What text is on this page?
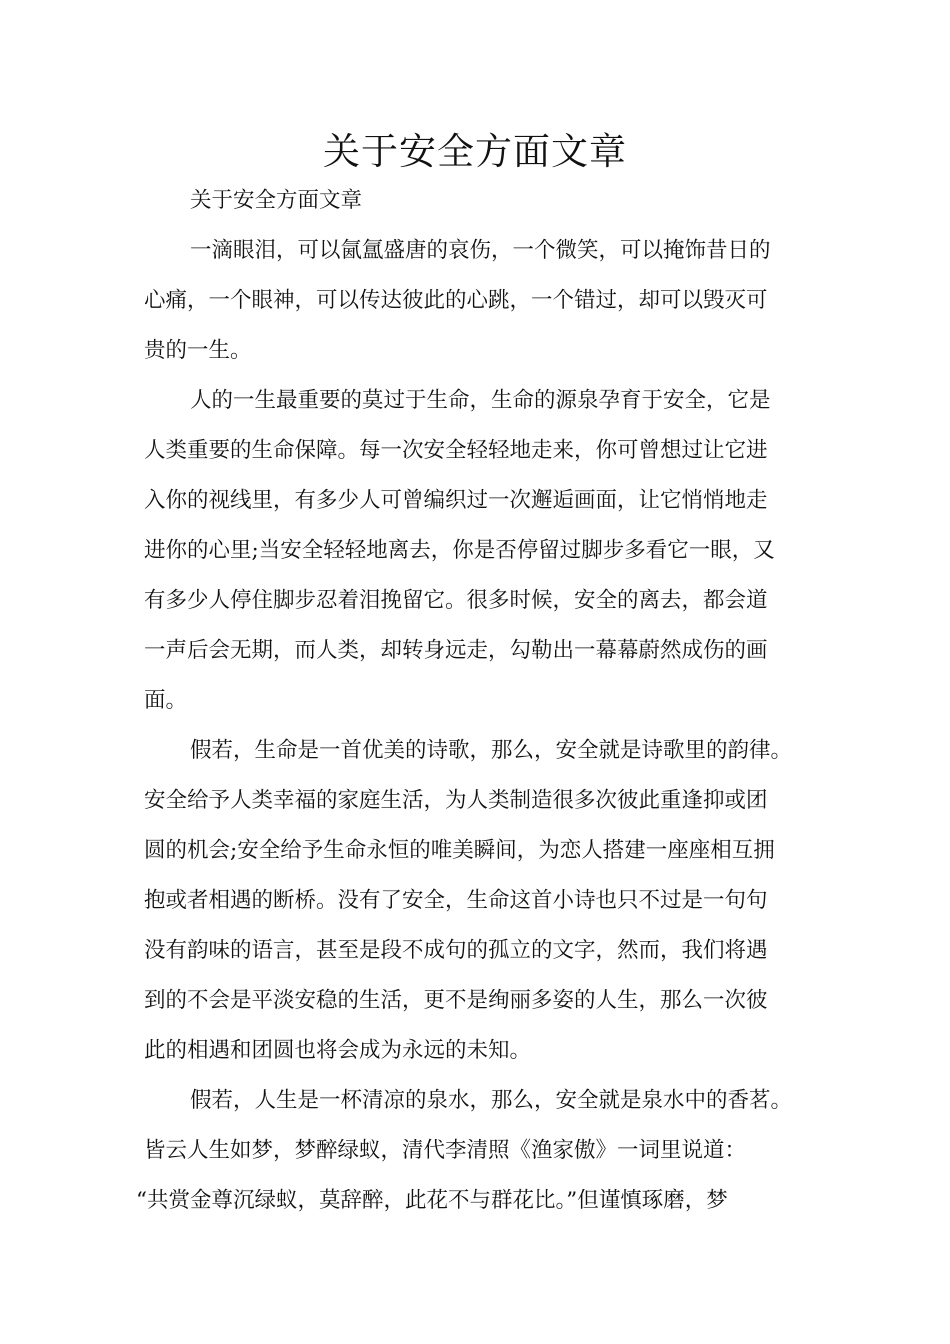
关于安全方面文章
关于安全方面文章
一滴眼泪，可以氤氲盛唐的哀伤，一个微笑，可以掩饰昔日的
心痛，一个眼神，可以传达彼此的心跳，一个错过，却可以毁灭可
贵的一生。
人的一生最重要的莫过于生命，生命的源泉孕育于安全，它是
人类重要的生命保障。每一次安全轻轻地走来，你可曾想过让它进
入你的视线里，有多少人可曾编织过一次邂逅画面，让它悄悄地走
进你的心里;当安全轻轻地离去，你是否停留过脚步多看它一眼，又
有多少人停住脚步忍着泪挽留它。很多时候，安全的离去，都会道
一声后会无期，而人类，却转身远走，勾勒出一幕幕蔚然成伤的画
面。
假若，生命是一首优美的诗歌，那么，安全就是诗歌里的韵律。
安全给予人类幸福的家庭生活，为人类制造很多次彼此重逢抑或团
圆的机会;安全给予生命永恒的唯美瞬间，为恋人搭建一座座相互拥
抱或者相遇的断桥。没有了安全，生命这首小诗也只不过是一句句
没有韵味的语言，甚至是段不成句的孤立的文字，然而，我们将遇
到的不会是平淡安稳的生活，更不是绚丽多姿的人生，那么一次彼
此的相遇和团圆也将会成为永远的未知。
假若，人生是一杯清凉的泉水，那么，安全就是泉水中的香茗。
皆云人生如梦，梦醉绿蚁，清代李清照《渔家傲》一词里说道：
“共赏金尊沉绿蚁，莫辞醉，此花不与群花比。”但谨慎琢磨，梦
